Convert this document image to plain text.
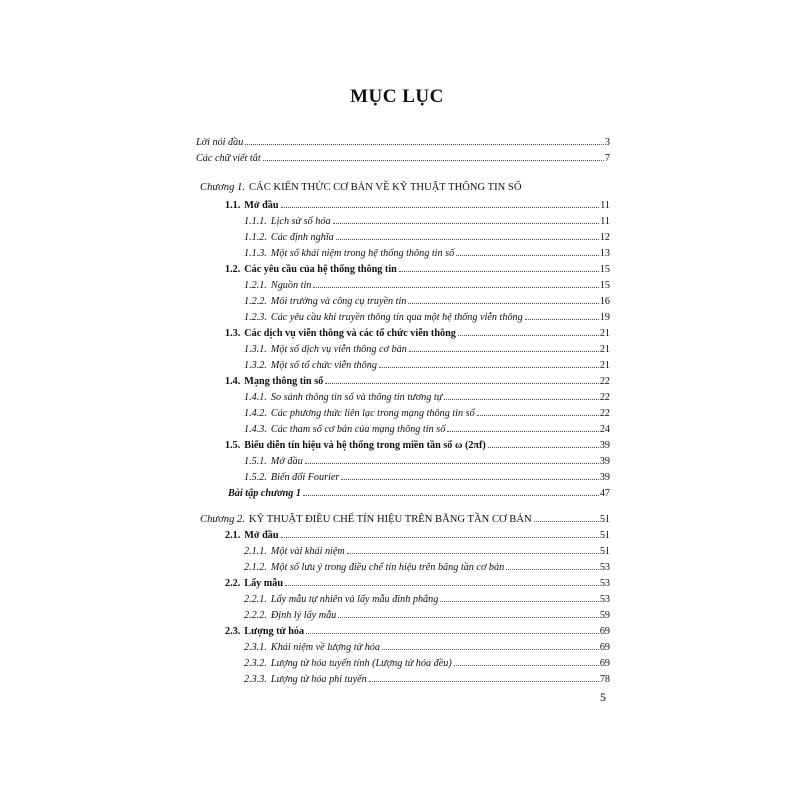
MỤC LỤC
Lời nói đầu	3
Các chữ viết tắt	7
Chương 1. CÁC KIẾN THỨC CƠ BẢN VỀ KỸ THUẬT THÔNG TIN SỐ
1.1. Mở đầu	11
1.1.1. Lịch sử số hóa	11
1.1.2. Các định nghĩa	12
1.1.3. Một số khái niệm trong hệ thống thông tin số	13
1.2. Các yêu cầu của hệ thống thông tin	15
1.2.1. Nguồn tin	15
1.2.2. Môi trường và công cụ truyền tin	16
1.2.3. Các yêu cầu khi truyền thông tin qua một hệ thống viễn thông	19
1.3. Các dịch vụ viễn thông và các tổ chức viễn thông	21
1.3.1. Một số dịch vụ viễn thông cơ bản	21
1.3.2. Một số tổ chức viễn thông	21
1.4. Mạng thông tin số	22
1.4.1. So sánh thông tin số và thông tin tương tự	22
1.4.2. Các phương thức liên lạc trong mạng thông tin số	22
1.4.3. Các tham số cơ bản của mạng thông tin số	24
1.5. Biểu diễn tín hiệu và hệ thống trong miền tần số ω (2πf)	39
1.5.1. Mở đầu	39
1.5.2. Biến đổi Fourier	39
Bài tập chương 1	47
Chương 2. KỸ THUẬT ĐIỀU CHẾ TÍN HIỆU TRÊN BĂNG TẦN CƠ BẢN	51
2.1. Mở đầu	51
2.1.1. Một vài khái niệm	51
2.1.2. Một số lưu ý trong điều chế tín hiệu trên băng tần cơ bản	53
2.2. Lấy mẫu	53
2.2.1. Lấy mẫu tự nhiên và lấy mẫu đỉnh phẳng	53
2.2.2. Định lý lấy mẫu	59
2.3. Lượng tử hóa	69
2.3.1. Khái niệm về lượng tử hóa	69
2.3.2. Lượng tử hóa tuyến tính (Lượng tử hóa đều)	69
2.3.3. Lượng tử hóa phi tuyến	78
5
